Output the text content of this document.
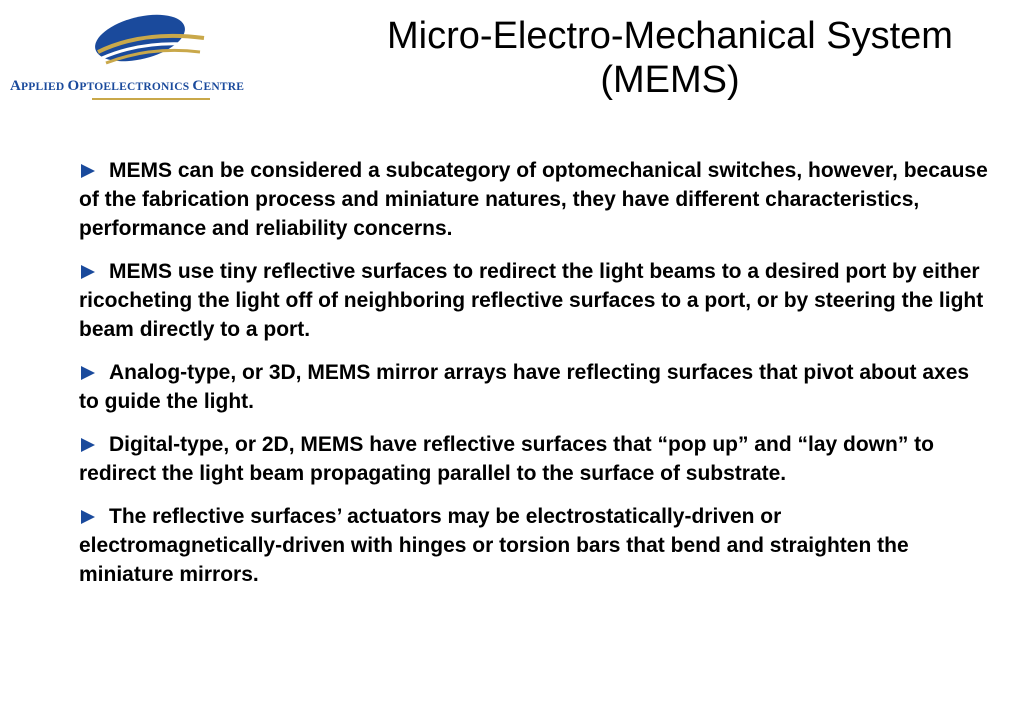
APPLIED OPTOELECTRONICS CENTRE
Micro-Electro-Mechanical System
(MEMS)
MEMS can be considered a subcategory of optomechanical switches, however, because of the fabrication process and miniature natures, they have different characteristics, performance and reliability concerns.
MEMS use tiny reflective surfaces to redirect the light beams to a desired port by either ricocheting the light off of neighboring reflective surfaces to a port, or by steering the light beam directly to a port.
Analog-type, or 3D, MEMS mirror arrays have reflecting surfaces that pivot about axes to guide the light.
Digital-type, or 2D, MEMS have reflective surfaces that “pop up” and “lay down” to redirect the light beam propagating parallel to the surface of substrate.
The reflective surfaces’ actuators may be electrostatically-driven or electromagnetically-driven with hinges or torsion bars that bend and straighten the miniature mirrors.
